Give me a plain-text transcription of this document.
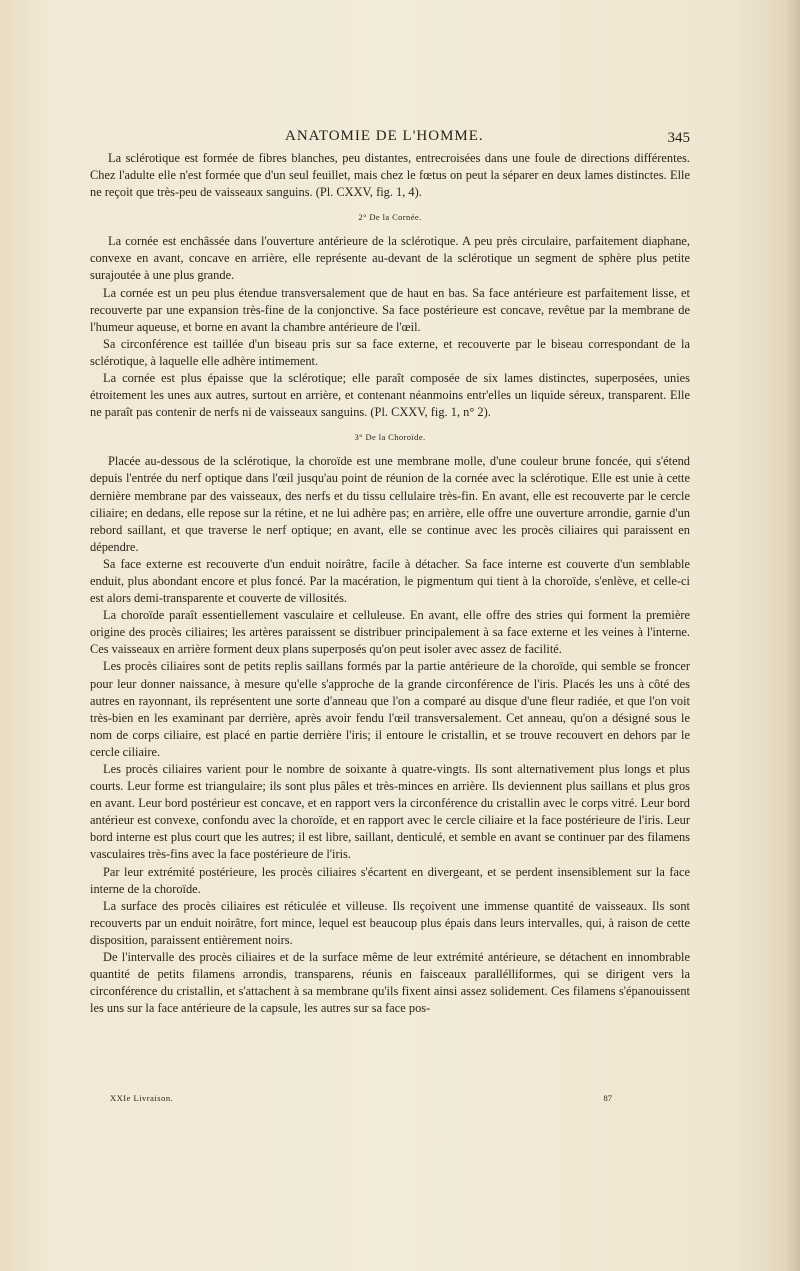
ANATOMIE DE L'HOMME.	345

La sclérotique est formée de fibres blanches, peu distantes, entrecroisées dans une foule de directions différentes. Chez l'adulte elle n'est formée que d'un seul feuillet, mais chez le fœtus on peut la séparer en deux lames distinctes. Elle ne reçoit que très-peu de vaisseaux sanguins. (Pl. CXXV, fig. 1, 4).

2° De la Cornée.

La cornée est enchâssée dans l'ouverture antérieure de la sclérotique. A peu près circulaire, parfaitement diaphane, convexe en avant, concave en arrière, elle représente au-devant de la sclérotique un segment de sphère plus petite surajoutée à une plus grande.

La cornée est un peu plus étendue transversalement que de haut en bas. Sa face antérieure est parfaitement lisse, et recouverte par une expansion très-fine de la conjonctive. Sa face postérieure est concave, revêtue par la membrane de l'humeur aqueuse, et borne en avant la chambre antérieure de l'œil.

Sa circonférence est taillée d'un biseau pris sur sa face externe, et recouverte par le biseau correspondant de la sclérotique, à laquelle elle adhère intimement.

La cornée est plus épaisse que la sclérotique; elle paraît composée de six lames distinctes, superposées, unies étroitement les unes aux autres, surtout en arrière, et contenant néanmoins entr'elles un liquide séreux, transparent. Elle ne paraît pas contenir de nerfs ni de vaisseaux sanguins. (Pl. CXXV, fig. 1, n° 2).

3° De la Choroïde.

Placée au-dessous de la sclérotique, la choroïde est une membrane molle, d'une couleur brune foncée, qui s'étend depuis l'entrée du nerf optique dans l'œil jusqu'au point de réunion de la cornée avec la sclérotique. Elle est unie à cette dernière membrane par des vaisseaux, des nerfs et du tissu cellulaire très-fin. En avant, elle est recouverte par le cercle ciliaire; en dedans, elle repose sur la rétine, et ne lui adhère pas; en arrière, elle offre une ouverture arrondie, garnie d'un rebord saillant, et que traverse le nerf optique; en avant, elle se continue avec les procès ciliaires qui paraissent en dépendre.

Sa face externe est recouverte d'un enduit noirâtre, facile à détacher. Sa face interne est couverte d'un semblable enduit, plus abondant encore et plus foncé. Par la macération, le pigmentum qui tient à la choroïde, s'enlève, et celle-ci est alors demi-transparente et couverte de villosités.

La choroïde paraît essentiellement vasculaire et celluleuse. En avant, elle offre des stries qui forment la première origine des procès ciliaires; les artères paraissent se distribuer principalement à sa face externe et les veines à l'interne. Ces vaisseaux en arrière forment deux plans superposés qu'on peut isoler avec assez de facilité.

Les procès ciliaires sont de petits replis saillans formés par la partie antérieure de la choroïde, qui semble se froncer pour leur donner naissance, à mesure qu'elle s'approche de la grande circonférence de l'iris. Placés les uns à côté des autres en rayonnant, ils représentent une sorte d'anneau que l'on a comparé au disque d'une fleur radiée, et que l'on voit très-bien en les examinant par derrière, après avoir fendu l'œil transversalement. Cet anneau, qu'on a désigné sous le nom de corps ciliaire, est placé en partie derrière l'iris; il entoure le cristallin, et se trouve recouvert en dehors par le cercle ciliaire.

Les procès ciliaires varient pour le nombre de soixante à quatre-vingts. Ils sont alternativement plus longs et plus courts. Leur forme est triangulaire; ils sont plus pâles et très-minces en arrière. Ils deviennent plus saillans et plus gros en avant. Leur bord postérieur est concave, et en rapport vers la circonférence du cristallin avec le corps vitré. Leur bord antérieur est convexe, confondu avec la choroïde, et en rapport avec le cercle ciliaire et la face postérieure de l'iris. Leur bord interne est plus court que les autres; il est libre, saillant, denticulé, et semble en avant se continuer par des filamens vasculaires très-fins avec la face postérieure de l'iris.

Par leur extrémité postérieure, les procès ciliaires s'écartent en divergeant, et se perdent insensiblement sur la face interne de la choroïde.

La surface des procès ciliaires est réticulée et villeuse. Ils reçoivent une immense quantité de vaisseaux. Ils sont recouverts par un enduit noirâtre, fort mince, lequel est beaucoup plus épais dans leurs intervalles, qui, à raison de cette disposition, paraissent entièrement noirs.

De l'intervalle des procès ciliaires et de la surface même de leur extrémité antérieure, se détachent en innombrable quantité de petits filamens arrondis, transparens, réunis en faisceaux parallélliformes, qui se dirigent vers la circonférence du cristallin, et s'attachent à sa membrane qu'ils fixent ainsi assez solidement. Ces filamens s'épanouissent les uns sur la face antérieure de la capsule, les autres sur sa face pos-

XXIe Livraison.	87
